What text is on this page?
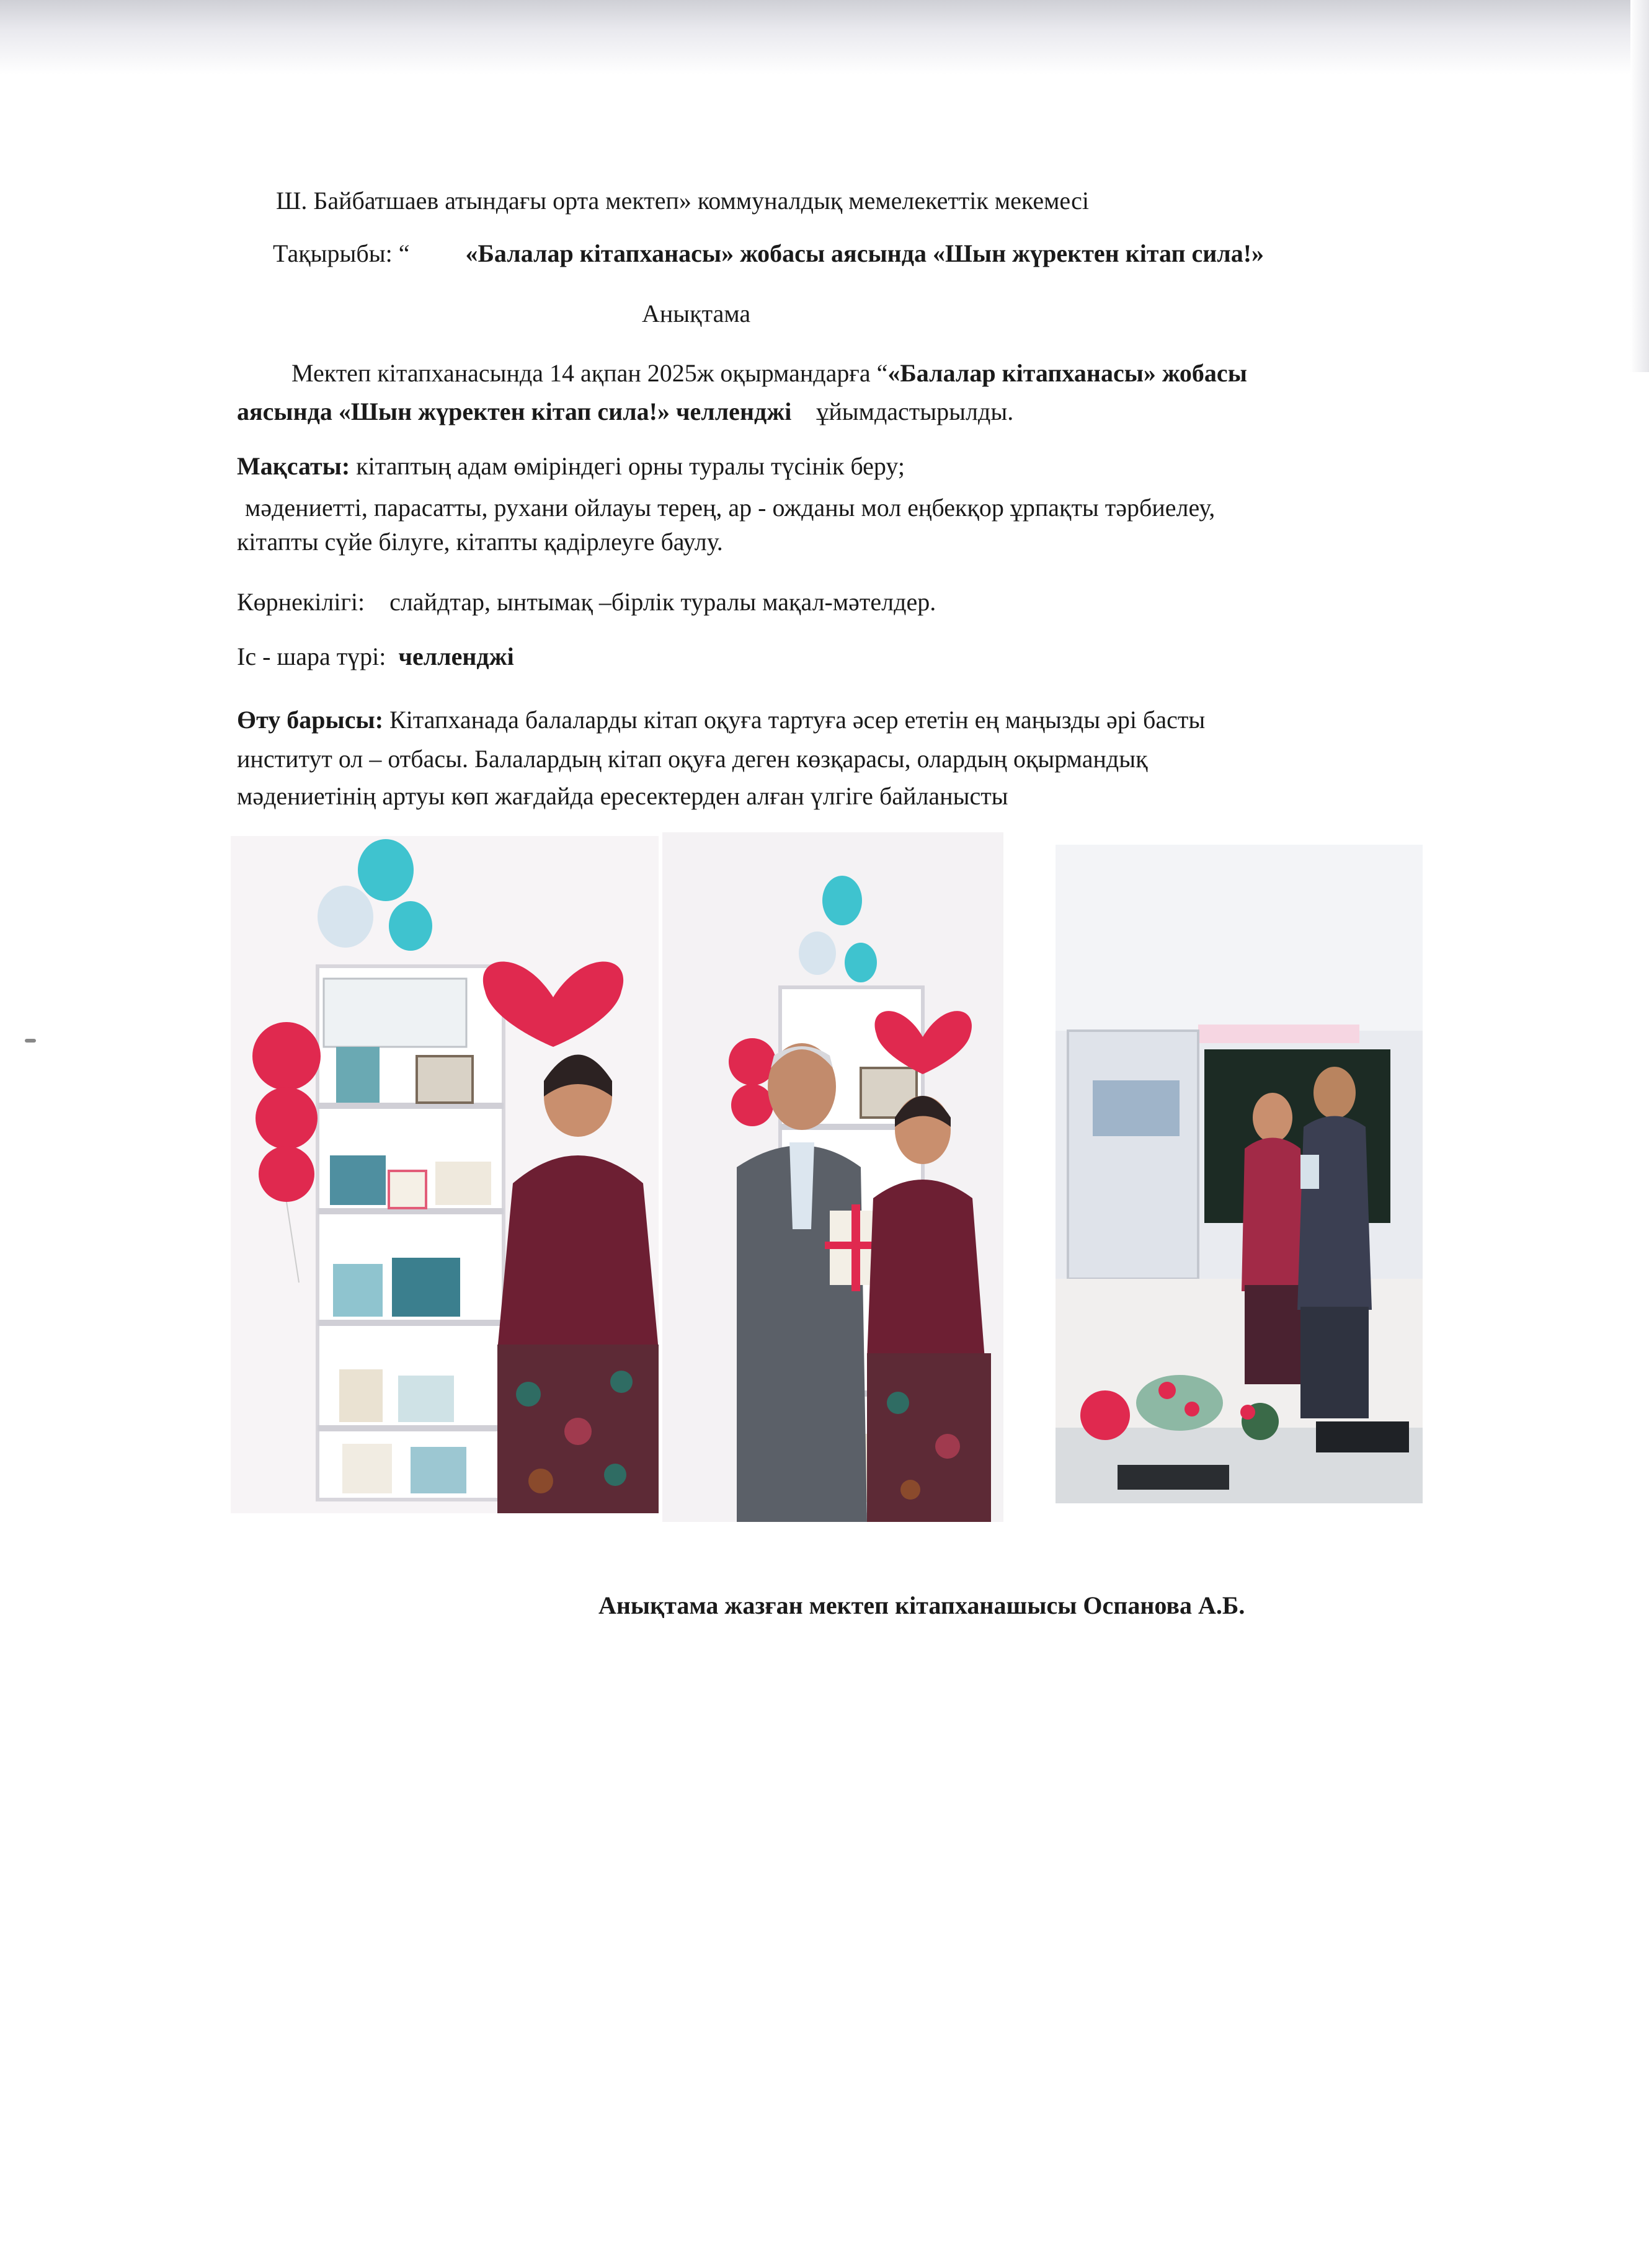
Ш. Байбатшаев атындағы орта мектеп» коммуналдық мемелекеттік мекемесі
Тақырыбы: “ «Балалар кітапханасы» жобасы аясында «Шын жүректен кітап сила!»
Анықтама
Мектеп кітапханасында 14 ақпан 2025ж оқырмандарға “«Балалар кітапханасы» жобасы
аясында «Шын жүректен кітап сила!» челленджі ұйымдастырылды.
Мақсаты: кітаптың адам өміріндегі орны туралы түсінік беру;
мәдениетті, парасатты, рухани ойлауы терең, ар - ожданы мол еңбекқор ұрпақты тәрбиелеу,
кітапты сүйе білуге, кітапты қадірлеуге баулу.
Көрнекілігі: слайдтар, ынтымақ –бірлік туралы мақал-мәтелдер.
Іс - шара түрі: челленджі
Өту барысы: Кітапханада балаларды кітап оқуға тартуға әсер ететін ең маңызды әрі басты
институт ол – отбасы. Балалардың кітап оқуға деген көзқарасы, олардың оқырмандық
мәдениетінің артуы көп жағдайда ересектерден алған үлгіге байланысты
Анықтама жазған мектеп кітапханашысы Оспанова А.Б.
